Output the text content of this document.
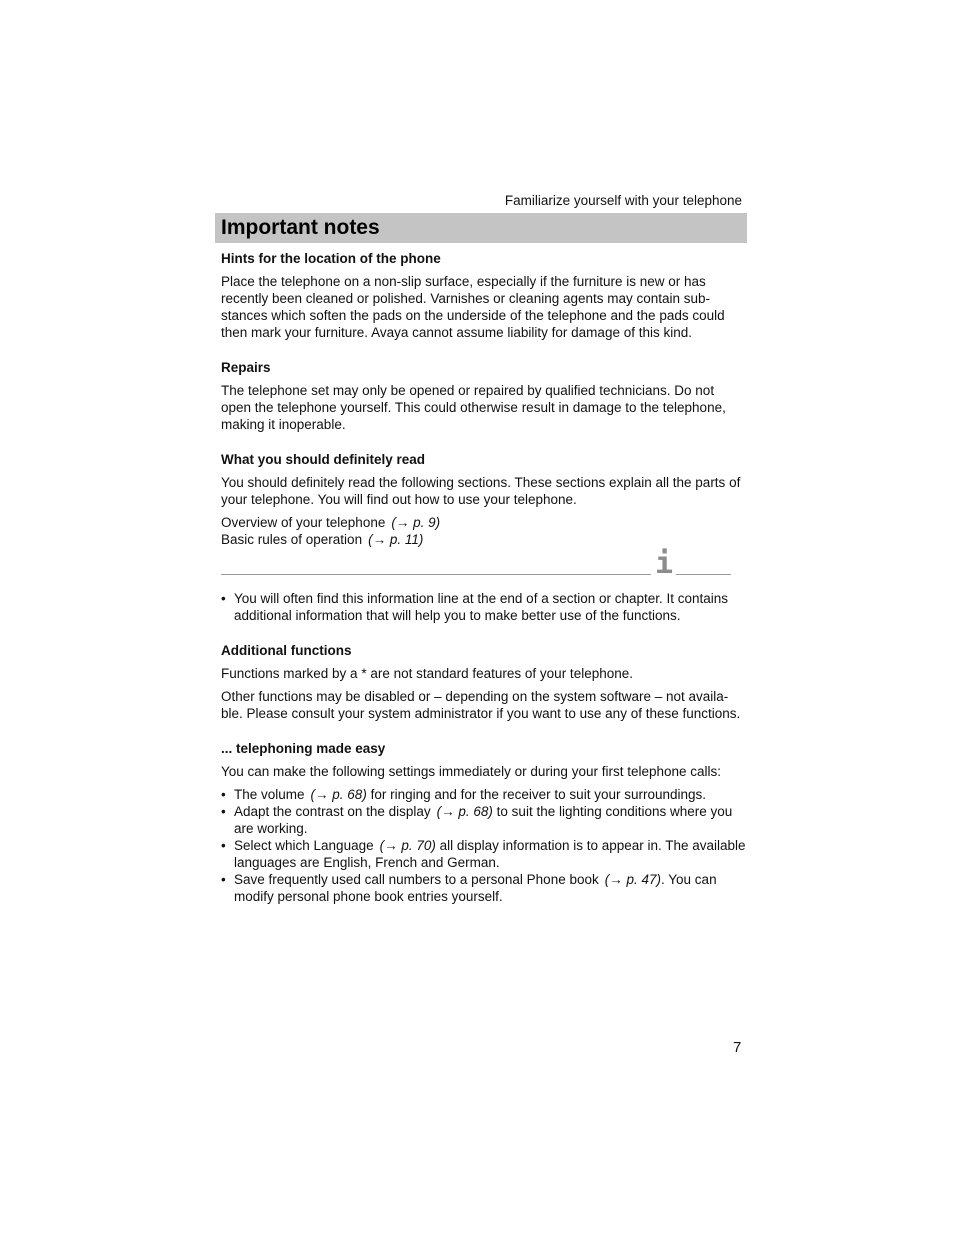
Familiarize yourself with your telephone
Important notes
Hints for the location of the phone

Place the telephone on a non-slip surface, especially if the furniture is new or has recently been cleaned or polished. Varnishes or cleaning agents may contain sub-stances which soften the pads on the underside of the telephone and the pads could then mark your furniture. Avaya cannot assume liability for damage of this kind.

Repairs

The telephone set may only be opened or repaired by qualified technicians. Do not open the telephone yourself. This could otherwise result in damage to the telephone, making it inoperable.

What you should definitely read

You should definitely read the following sections. These sections explain all the parts of your telephone. You will find out how to use your telephone.

Overview of your telephone (→ p. 9)
Basic rules of operation (→ p. 11)
i
• You will often find this information line at the end of a section or chapter. It contains additional information that will help you to make better use of the functions.
Additional functions

Functions marked by a * are not standard features of your telephone.

Other functions may be disabled or – depending on the system software – not availa-ble. Please consult your system administrator if you want to use any of these functions.

... telephoning made easy

You can make the following settings immediately or during your first telephone calls:

• The volume (→ p. 68) for ringing and for the receiver to suit your surroundings.
• Adapt the contrast on the display (→ p. 68) to suit the lighting conditions where you are working.
• Select which Language (→ p. 70) all display information is to appear in. The available languages are English, French and German.
• Save frequently used call numbers to a personal Phone book (→ p. 47). You can modify personal phone book entries yourself.
7
